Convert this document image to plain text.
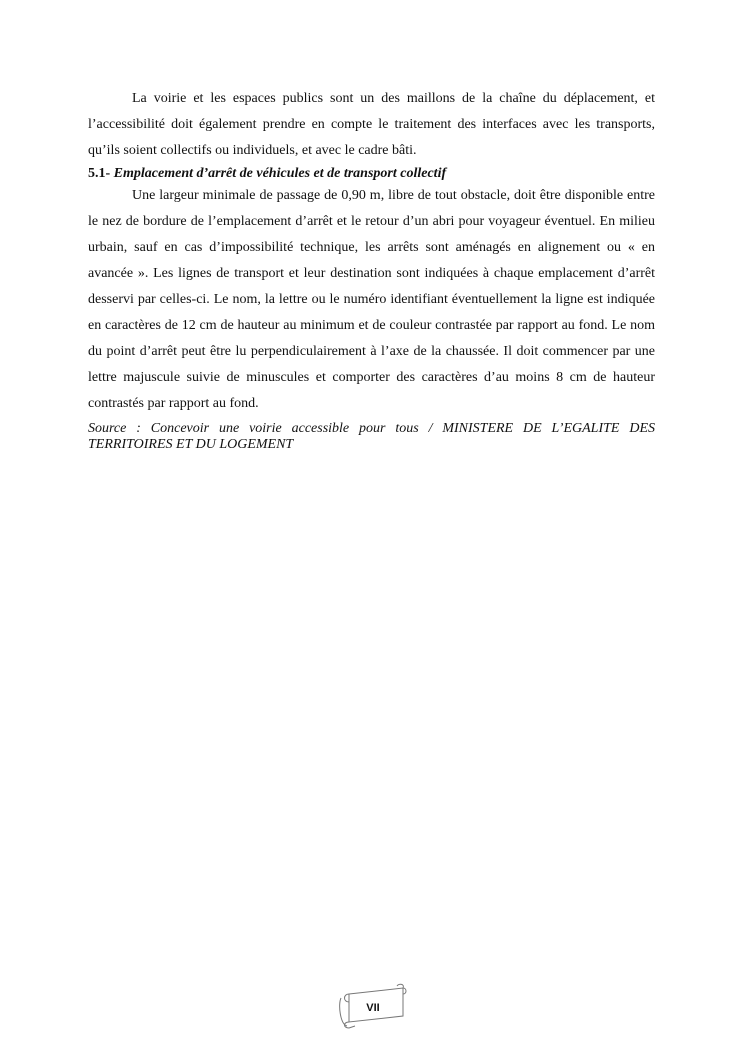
La voirie et les espaces publics sont un des maillons de la chaîne du déplacement, et l’accessibilité doit également prendre en compte le traitement des interfaces avec les transports, qu’ils soient collectifs ou individuels, et avec le cadre bâti.

5.1- Emplacement d’arrêt de véhicules et de transport collectif

Une largeur minimale de passage de 0,90 m, libre de tout obstacle, doit être disponible entre le nez de bordure de l’emplacement d’arrêt et le retour d’un abri pour voyageur éventuel. En milieu urbain, sauf en cas d’impossibilité technique, les arrêts sont aménagés en alignement ou « en avancée ». Les lignes de transport et leur destination sont indiquées à chaque emplacement d’arrêt desservi par celles-ci. Le nom, la lettre ou le numéro identifiant éventuellement la ligne est indiquée en caractères de 12 cm de hauteur au minimum et de couleur contrastée par rapport au fond. Le nom du point d’arrêt peut être lu perpendiculairement à l’axe de la chaussée. Il doit commencer par une lettre majuscule suivie de minuscules et comporter des caractères d’au moins 8 cm de hauteur contrastés par rapport au fond.

Source : Concevoir une voirie accessible pour tous / MINISTERE DE L’EGALITE DES TERRITOIRES ET DU LOGEMENT

VII
